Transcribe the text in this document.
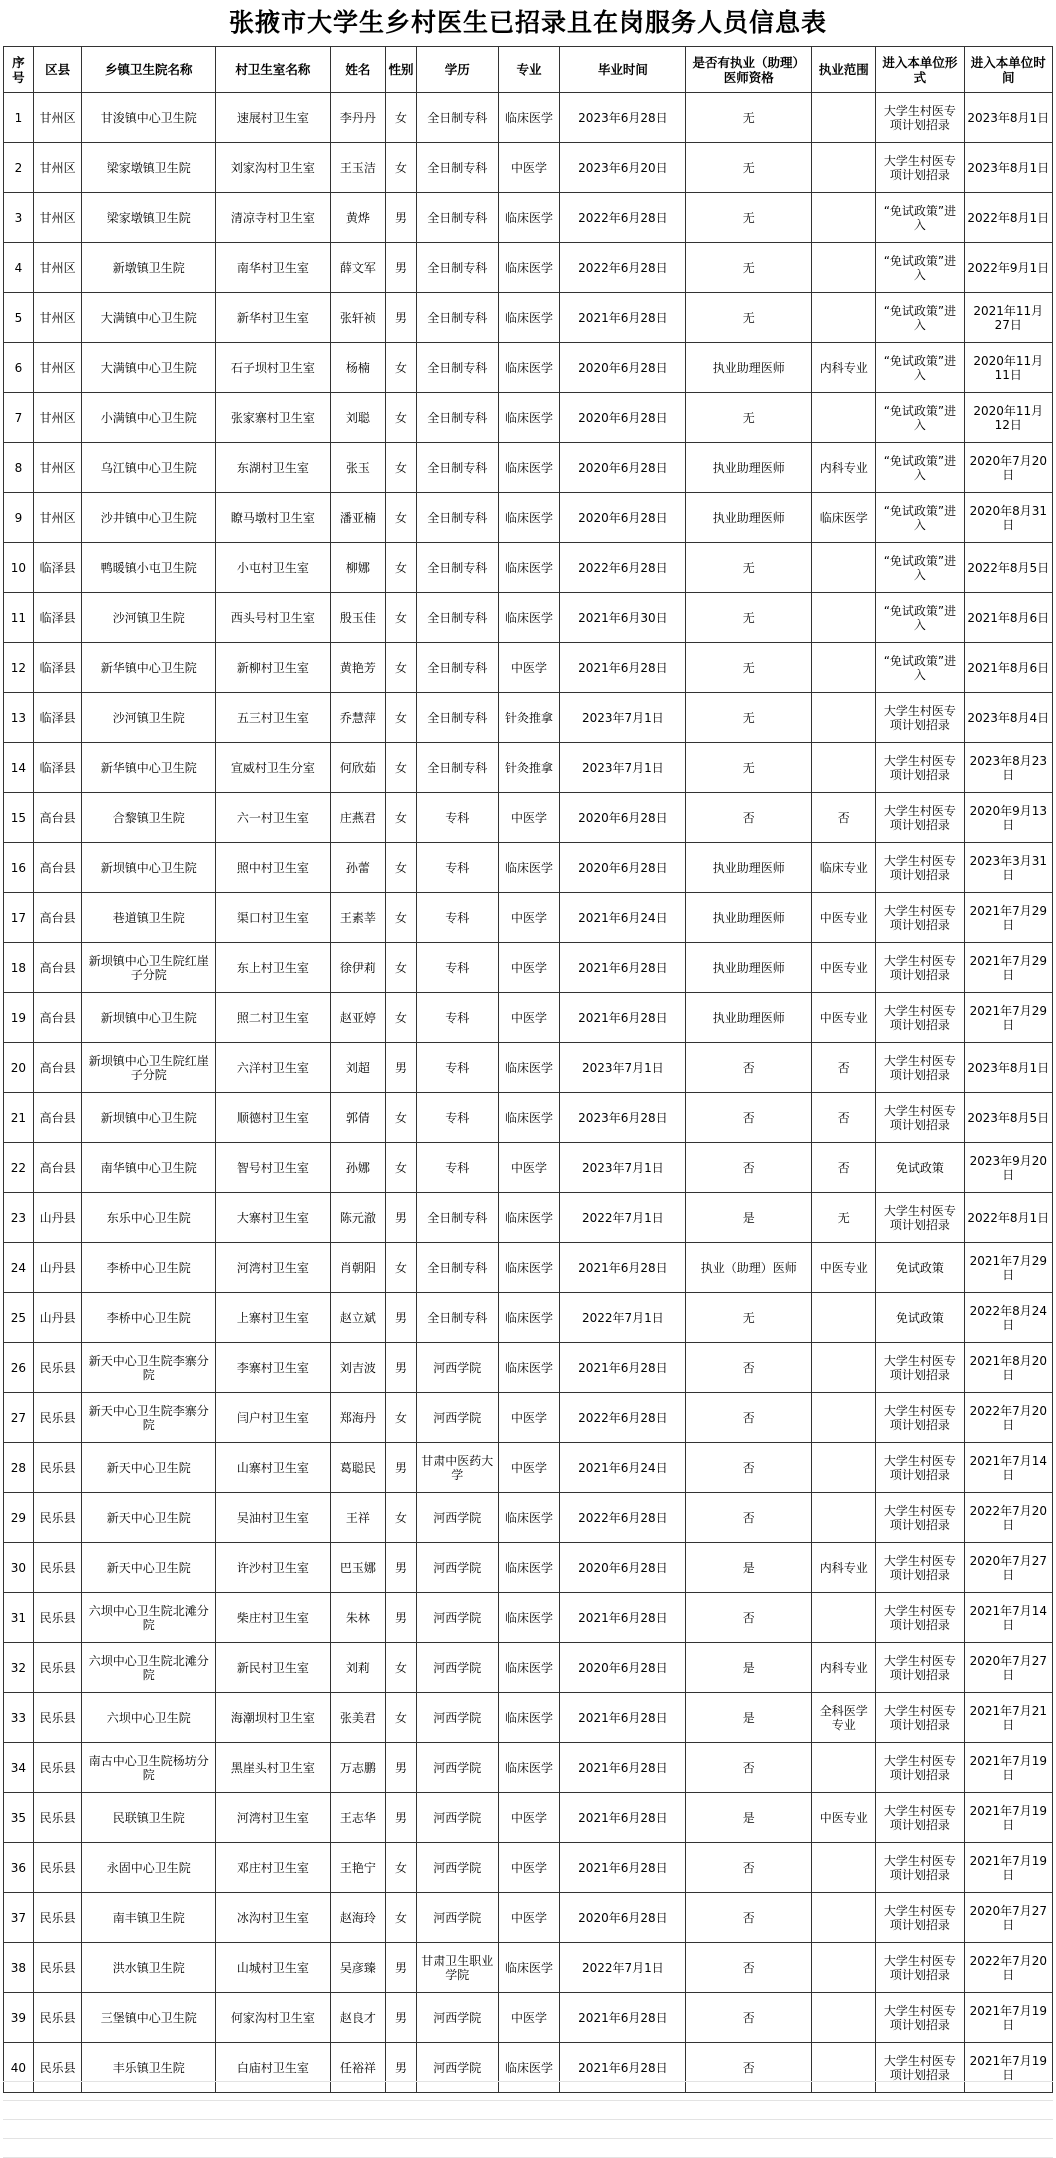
张掖市大学生乡村医生已招录且在岗服务人员信息表
序号	区县	乡镇卫生院名称	村卫生室名称	姓名	性别	学历	专业	毕业时间	是否有执业（助理）医师资格	执业范围	进入本单位形式	进入本单位时间
1	甘州区	甘浚镇中心卫生院	速展村卫生室	李丹丹	女	全日制专科	临床医学	2023年6月28日	无		大学生村医专项计划招录	2023年8月1日
2	甘州区	梁家墩镇卫生院	刘家沟村卫生室	王玉洁	女	全日制专科	中医学	2023年6月20日	无		大学生村医专项计划招录	2023年8月1日
3	甘州区	梁家墩镇卫生院	清凉寺村卫生室	黄烨	男	全日制专科	临床医学	2022年6月28日	无		“免试政策”进入	2022年8月1日
4	甘州区	新墩镇卫生院	南华村卫生室	薛文军	男	全日制专科	临床医学	2022年6月28日	无		“免试政策”进入	2022年9月1日
5	甘州区	大满镇中心卫生院	新华村卫生室	张轩祯	男	全日制专科	临床医学	2021年6月28日	无		“免试政策”进入	2021年11月27日
6	甘州区	大满镇中心卫生院	石子坝村卫生室	杨楠	女	全日制专科	临床医学	2020年6月28日	执业助理医师	内科专业	“免试政策”进入	2020年11月11日
7	甘州区	小满镇中心卫生院	张家寨村卫生室	刘聪	女	全日制专科	临床医学	2020年6月28日	无		“免试政策”进入	2020年11月12日
8	甘州区	乌江镇中心卫生院	东湖村卫生室	张玉	女	全日制专科	临床医学	2020年6月28日	执业助理医师	内科专业	“免试政策”进入	2020年7月20日
9	甘州区	沙井镇中心卫生院	瞭马墩村卫生室	潘亚楠	女	全日制专科	临床医学	2020年6月28日	执业助理医师	临床医学	“免试政策”进入	2020年8月31日
10	临泽县	鸭暖镇小屯卫生院	小屯村卫生室	柳娜	女	全日制专科	临床医学	2022年6月28日	无		“免试政策”进入	2022年8月5日
11	临泽县	沙河镇卫生院	西头号村卫生室	殷玉佳	女	全日制专科	临床医学	2021年6月30日	无		“免试政策”进入	2021年8月6日
12	临泽县	新华镇中心卫生院	新柳村卫生室	黄艳芳	女	全日制专科	中医学	2021年6月28日	无		“免试政策”进入	2021年8月6日
13	临泽县	沙河镇卫生院	五三村卫生室	乔慧萍	女	全日制专科	针灸推拿	2023年7月1日	无		大学生村医专项计划招录	2023年8月4日
14	临泽县	新华镇中心卫生院	宣威村卫生分室	何欣茹	女	全日制专科	针灸推拿	2023年7月1日	无		大学生村医专项计划招录	2023年8月23日
15	高台县	合黎镇卫生院	六一村卫生室	庄燕君	女	专科	中医学	2020年6月28日	否	否	大学生村医专项计划招录	2020年9月13日
16	高台县	新坝镇中心卫生院	照中村卫生室	孙蕾	女	专科	临床医学	2020年6月28日	执业助理医师	临床专业	大学生村医专项计划招录	2023年3月31日
17	高台县	巷道镇卫生院	渠口村卫生室	王素莘	女	专科	中医学	2021年6月24日	执业助理医师	中医专业	大学生村医专项计划招录	2021年7月29日
18	高台县	新坝镇中心卫生院红崖子分院	东上村卫生室	徐伊莉	女	专科	中医学	2021年6月28日	执业助理医师	中医专业	大学生村医专项计划招录	2021年7月29日
19	高台县	新坝镇中心卫生院	照二村卫生室	赵亚婷	女	专科	中医学	2021年6月28日	执业助理医师	中医专业	大学生村医专项计划招录	2021年7月29日
20	高台县	新坝镇中心卫生院红崖子分院	六洋村卫生室	刘超	男	专科	临床医学	2023年7月1日	否	否	大学生村医专项计划招录	2023年8月1日
21	高台县	新坝镇中心卫生院	顺德村卫生室	郭倩	女	专科	临床医学	2023年6月28日	否	否	大学生村医专项计划招录	2023年8月5日
22	高台县	南华镇中心卫生院	智号村卫生室	孙娜	女	专科	中医学	2023年7月1日	否	否	免试政策	2023年9月20日
23	山丹县	东乐中心卫生院	大寨村卫生室	陈元澈	男	全日制专科	临床医学	2022年7月1日	是	无	大学生村医专项计划招录	2022年8月1日
24	山丹县	李桥中心卫生院	河湾村卫生室	肖朝阳	女	全日制专科	临床医学	2021年6月28日	执业（助理）医师	中医专业	免试政策	2021年7月29日
25	山丹县	李桥中心卫生院	上寨村卫生室	赵立斌	男	全日制专科	临床医学	2022年7月1日	无		免试政策	2022年8月24日
26	民乐县	新天中心卫生院李寨分院	李寨村卫生室	刘吉波	男	河西学院	临床医学	2021年6月28日	否		大学生村医专项计划招录	2021年8月20日
27	民乐县	新天中心卫生院李寨分院	闫户村卫生室	郑海丹	女	河西学院	中医学	2022年6月28日	否		大学生村医专项计划招录	2022年7月20日
28	民乐县	新天中心卫生院	山寨村卫生室	葛聪民	男	甘肃中医药大学	中医学	2021年6月24日	否		大学生村医专项计划招录	2021年7月14日
29	民乐县	新天中心卫生院	吴油村卫生室	王祥	女	河西学院	临床医学	2022年6月28日	否		大学生村医专项计划招录	2022年7月20日
30	民乐县	新天中心卫生院	许沙村卫生室	巴玉娜	男	河西学院	临床医学	2020年6月28日	是	内科专业	大学生村医专项计划招录	2020年7月27日
31	民乐县	六坝中心卫生院北滩分院	柴庄村卫生室	朱林	男	河西学院	临床医学	2021年6月28日	否		大学生村医专项计划招录	2021年7月14日
32	民乐县	六坝中心卫生院北滩分院	新民村卫生室	刘莉	女	河西学院	临床医学	2020年6月28日	是	内科专业	大学生村医专项计划招录	2020年7月27日
33	民乐县	六坝中心卫生院	海潮坝村卫生室	张美君	女	河西学院	临床医学	2021年6月28日	是	全科医学专业	大学生村医专项计划招录	2021年7月21日
34	民乐县	南古中心卫生院杨坊分院	黑崖头村卫生室	万志鹏	男	河西学院	临床医学	2021年6月28日	否		大学生村医专项计划招录	2021年7月19日
35	民乐县	民联镇卫生院	河湾村卫生室	王志华	男	河西学院	中医学	2021年6月28日	是	中医专业	大学生村医专项计划招录	2021年7月19日
36	民乐县	永固中心卫生院	邓庄村卫生室	王艳宁	女	河西学院	中医学	2021年6月28日	否		大学生村医专项计划招录	2021年7月19日
37	民乐县	南丰镇卫生院	冰沟村卫生室	赵海玲	女	河西学院	中医学	2020年6月28日	否		大学生村医专项计划招录	2020年7月27日
38	民乐县	洪水镇卫生院	山城村卫生室	吴彦臻	男	甘肃卫生职业学院	临床医学	2022年7月1日	否		大学生村医专项计划招录	2022年7月20日
39	民乐县	三堡镇中心卫生院	何家沟村卫生室	赵良才	男	河西学院	中医学	2021年6月28日	否		大学生村医专项计划招录	2021年7月19日
40	民乐县	丰乐镇卫生院	白庙村卫生室	任裕祥	男	河西学院	临床医学	2021年6月28日	否		大学生村医专项计划招录	2021年7月19日
